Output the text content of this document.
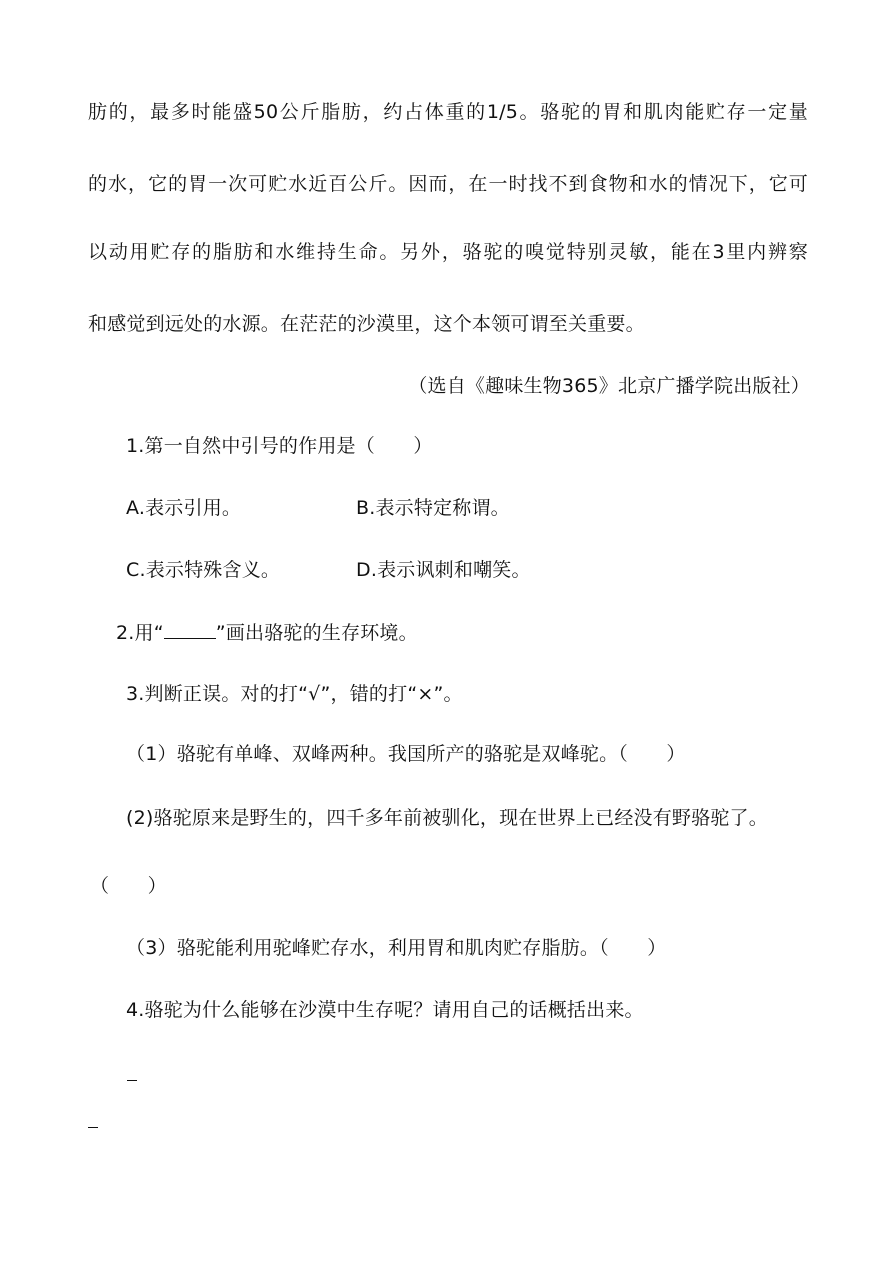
肪的，最多时能盛50公斤脂肪，约占体重的1/5。骆驼的胃和肌肉能贮存一定量
的水，它的胃一次可贮水近百公斤。因而，在一时找不到食物和水的情况下，它可
以动用贮存的脂肪和水维持生命。另外，骆驼的嗅觉特别灵敏，能在3里内辨察
和感觉到远处的水源。在茫茫的沙漠里，这个本领可谓至关重要。
（选自《趣味生物365》北京广播学院出版社）
1.第一自然中引号的作用是（　　）
A.表示引用。	B.表示特定称谓。
C.表示特殊含义。	D.表示讽刺和嘲笑。
2.用“	”画出骆驼的生存环境。
3.判断正误。对的打“√”，错的打“×”。
（1）骆驼有单峰、双峰两种。我国所产的骆驼是双峰驼。（　　）
(2)骆驼原来是野生的，四千多年前被驯化，现在世界上已经没有野骆驼了。
（　　）
（3）骆驼能利用驼峰贮存水，利用胃和肌肉贮存脂肪。（　　）
4.骆驼为什么能够在沙漠中生存呢？请用自己的话概括出来。
